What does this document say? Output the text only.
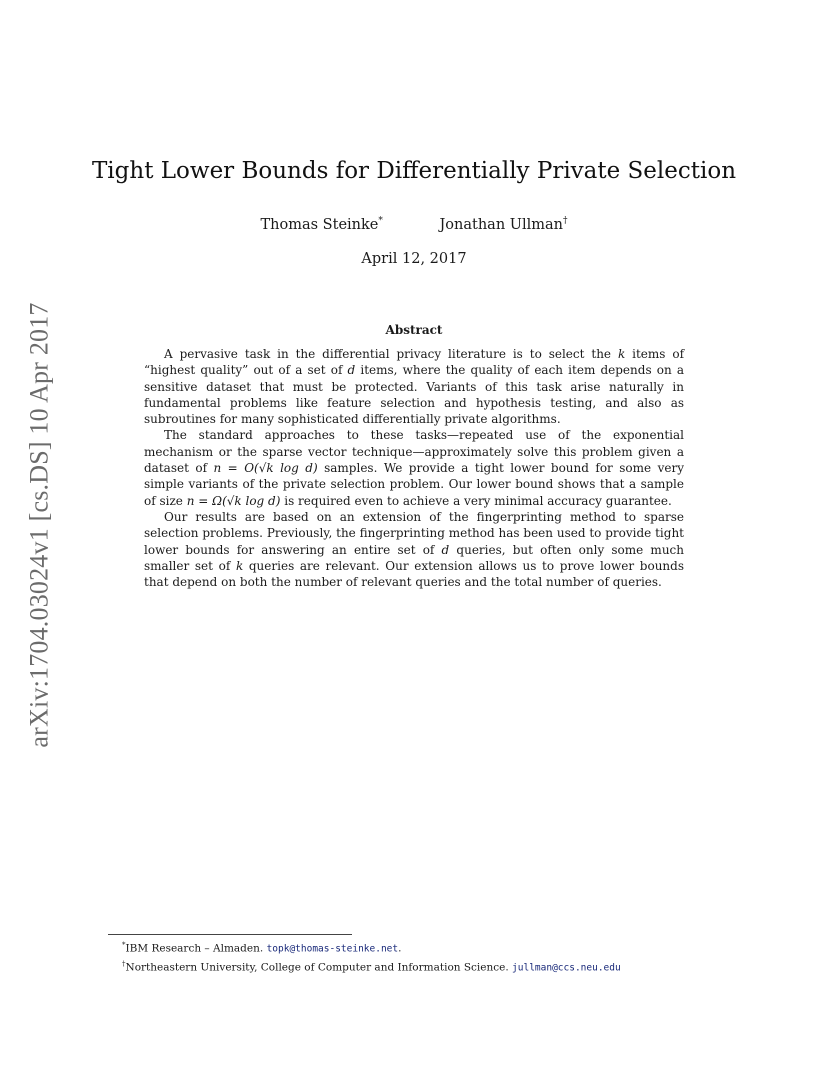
arXiv:1704.03024v1 [cs.DS] 10 Apr 2017
Tight Lower Bounds for Differentially Private Selection
Thomas Steinke*	Jonathan Ullman†
April 12, 2017
Abstract

A pervasive task in the differential privacy literature is to select the k items of “highest quality” out of a set of d items, where the quality of each item depends on a sensitive dataset that must be protected. Variants of this task arise naturally in fundamental problems like feature selection and hypothesis testing, and also as subroutines for many sophisticated differentially private algorithms.

The standard approaches to these tasks—repeated use of the exponential mechanism or the sparse vector technique—approximately solve this problem given a dataset of n = O(√k log d) samples. We provide a tight lower bound for some very simple variants of the private selection problem. Our lower bound shows that a sample of size n = Ω(√k log d) is required even to achieve a very minimal accuracy guarantee.

Our results are based on an extension of the fingerprinting method to sparse selection problems. Previously, the fingerprinting method has been used to provide tight lower bounds for answering an entire set of d queries, but often only some much smaller set of k queries are relevant. Our extension allows us to prove lower bounds that depend on both the number of relevant queries and the total number of queries.

*IBM Research – Almaden. topk@thomas-steinke.net.

†Northeastern University, College of Computer and Information Science. jullman@ccs.neu.edu
